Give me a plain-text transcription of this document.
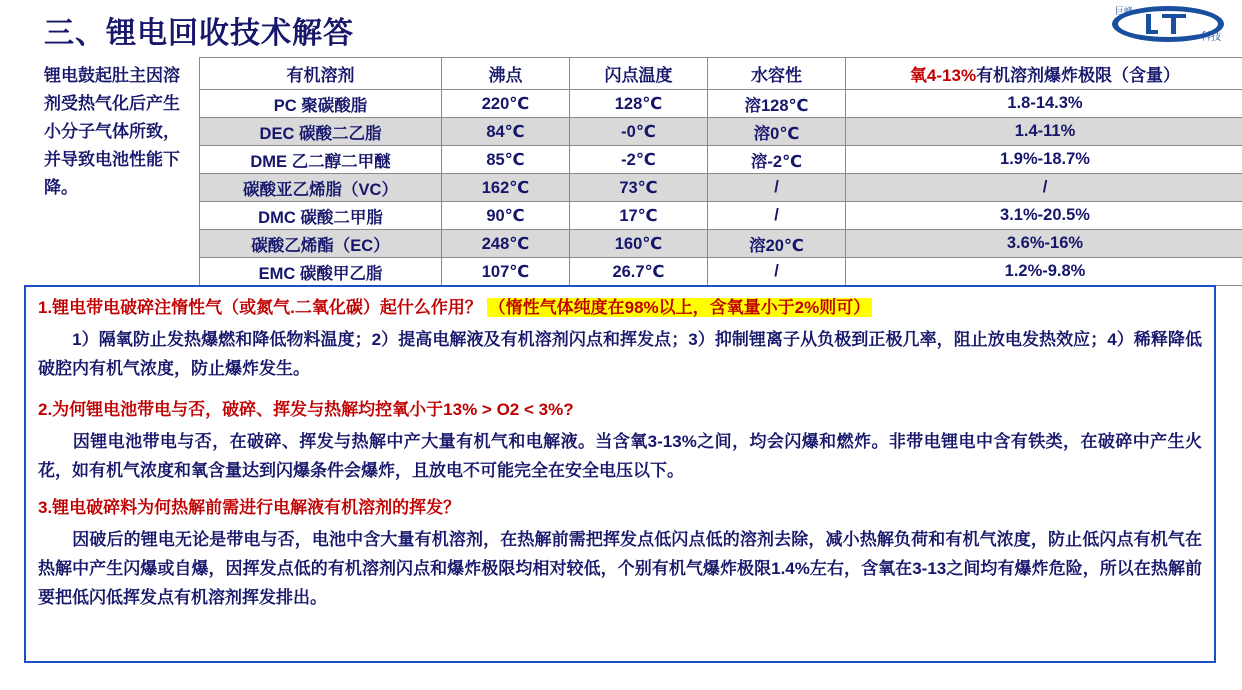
三、锂电回收技术解答
巨峰
科技
锂电鼓起肚主因溶剂受热气化后产生小分子气体所致，并导致电池性能下降。
有机溶剂	沸点	闪点温度	水容性	氧4-13%有机溶剂爆炸极限（含量）
PC 聚碳酸脂	220℃	128℃	溶128℃	1.8-14.3%
DEC 碳酸二乙脂	84℃	-0℃	溶0℃	1.4-11%
DME 乙二醇二甲醚	85℃	-2℃	溶-2℃	1.9%-18.7%
碳酸亚乙烯脂（VC）	162℃	73℃	/	/
DMC 碳酸二甲脂	90℃	17℃	/	3.1%-20.5%
碳酸乙烯酯（EC）	248℃	160℃	溶20℃	3.6%-16%
EMC 碳酸甲乙脂	107℃	26.7℃	/	1.2%-9.8%
1.锂电带电破碎注惰性气（或氮气.二氧化碳）起什么作用？ （惰性气体纯度在98%以上，含氧量小于2%则可）
　　1）隔氧防止发热爆燃和降低物料温度；2）提高电解液及有机溶剂闪点和挥发点；3）抑制锂离子从负极到正极几率，阻止放电发热效应；4）稀释降低破腔内有机气浓度，防止爆炸发生。
2.为何锂电池带电与否，破碎、挥发与热解均控氧小于13% > O2 < 3%?
　　因锂电池带电与否，在破碎、挥发与热解中产大量有机气和电解液。当含氧3-13%之间，均会闪爆和燃炸。非带电锂电中含有铁类，在破碎中产生火花，如有机气浓度和氧含量达到闪爆条件会爆炸，且放电不可能完全在安全电压以下。
3.锂电破碎料为何热解前需进行电解液有机溶剂的挥发？
　　因破后的锂电无论是带电与否，电池中含大量有机溶剂，在热解前需把挥发点低闪点低的溶剂去除，减小热解负荷和有机气浓度，防止低闪点有机气在热解中产生闪爆或自爆，因挥发点低的有机溶剂闪点和爆炸极限均相对较低，个别有机气爆炸极限1.4%左右，含氧在3-13之间均有爆炸危险，所以在热解前要把低闪低挥发点有机溶剂挥发排出。
